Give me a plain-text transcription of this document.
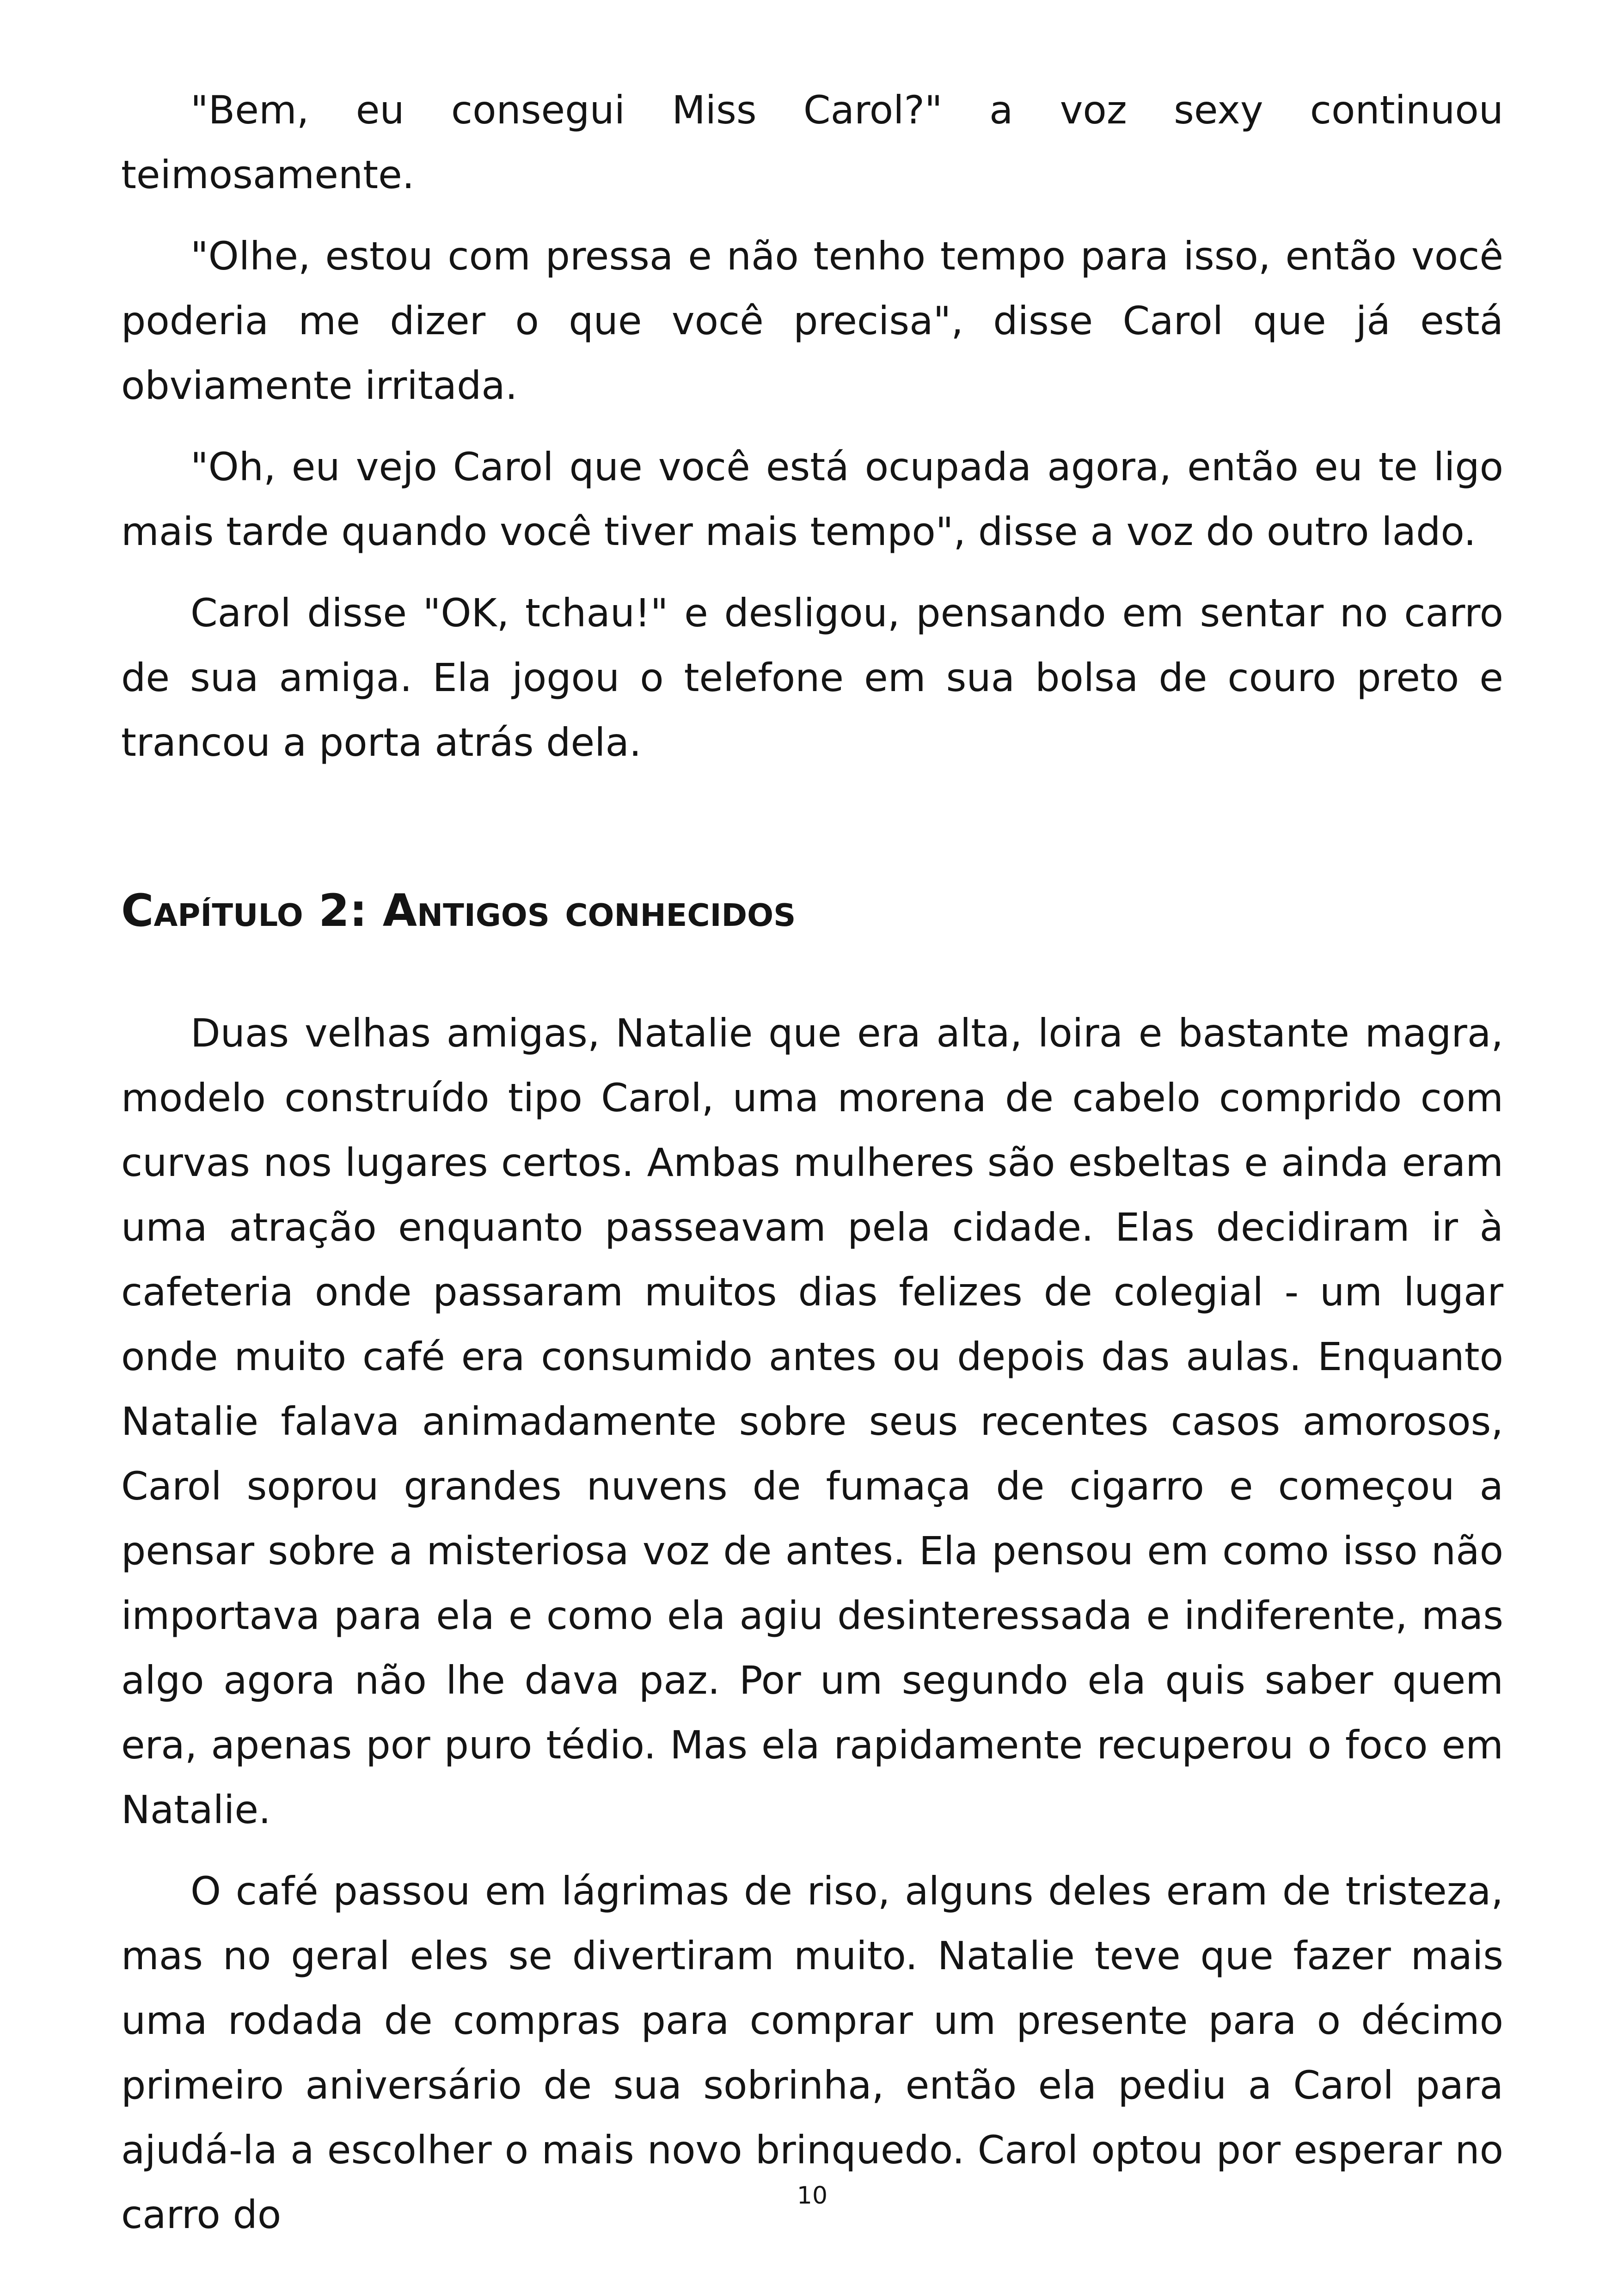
"Bem, eu consegui Miss Carol?" a voz sexy continuou teimosamente.

"Olhe, estou com pressa e não tenho tempo para isso, então você poderia me dizer o que você precisa", disse Carol que já está obviamente irritada.

"Oh, eu vejo Carol que você está ocupada agora, então eu te ligo mais tarde quando você tiver mais tempo", disse a voz do outro lado.

Carol disse "OK, tchau!" e desligou, pensando em sentar no carro de sua amiga. Ela jogou o telefone em sua bolsa de couro preto e trancou a porta atrás dela.

Capítulo 2: Antigos conhecidos

Duas velhas amigas, Natalie que era alta, loira e bastante magra, modelo construído tipo Carol, uma morena de cabelo comprido com curvas nos lugares certos. Ambas mulheres são esbeltas e ainda eram uma atração enquanto passeavam pela cidade. Elas decidiram ir à cafeteria onde passaram muitos dias felizes de colegial - um lugar onde muito café era consumido antes ou depois das aulas. Enquanto Natalie falava animadamente sobre seus recentes casos amorosos, Carol soprou grandes nuvens de fumaça de cigarro e começou a pensar sobre a misteriosa voz de antes. Ela pensou em como isso não importava para ela e como ela agiu desinteressada e indiferente, mas algo agora não lhe dava paz. Por um segundo ela quis saber quem era, apenas por puro tédio. Mas ela rapidamente recuperou o foco em Natalie.

O café passou em lágrimas de riso, alguns deles eram de tristeza, mas no geral eles se divertiram muito. Natalie teve que fazer mais uma rodada de compras para comprar um presente para o décimo primeiro aniversário de sua sobrinha, então ela pediu a Carol para ajudá-la a escolher o mais novo brinquedo. Carol optou por esperar no carro do	10
